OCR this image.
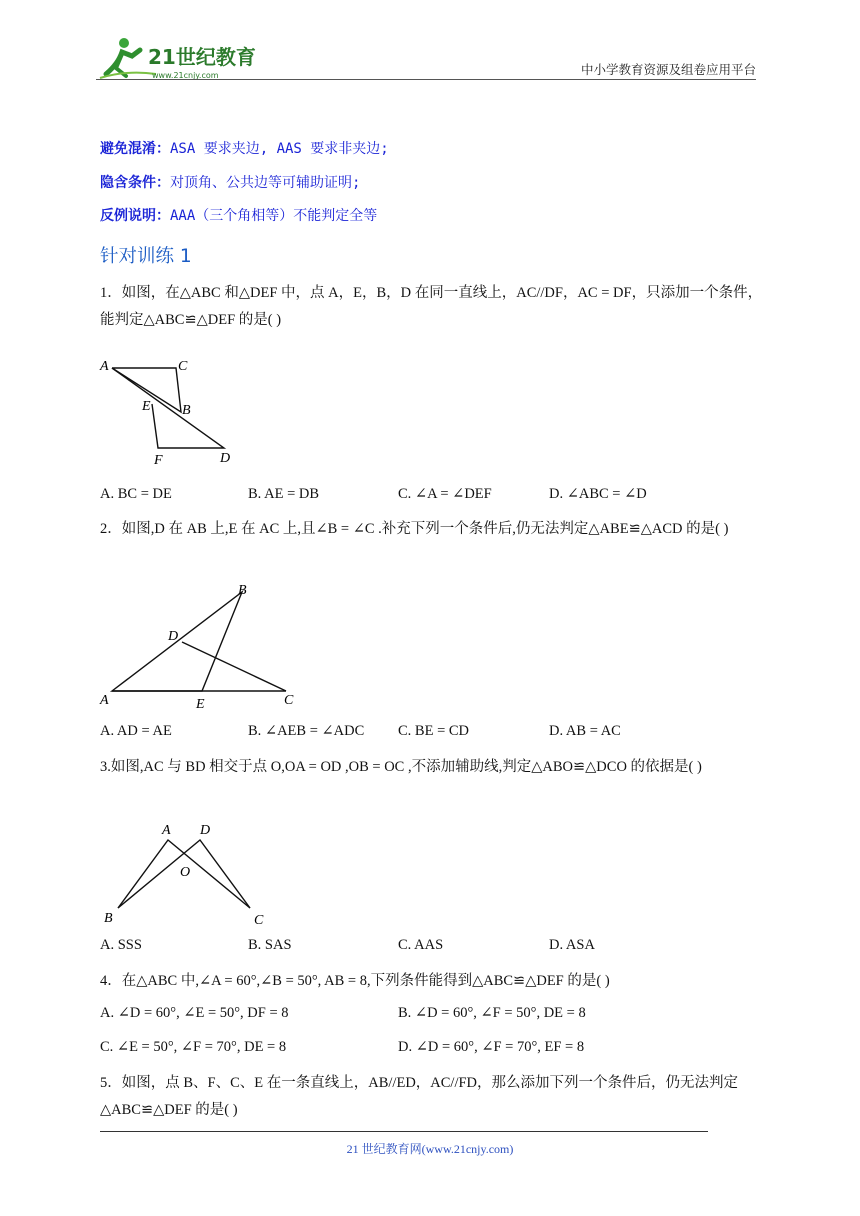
21世纪教育
www.21cnjy.com	中小学教育资源及组卷应用平台
避免混淆：ASA 要求夹边, AAS 要求非夹边;
隐含条件：对顶角、公共边等可辅助证明;
反例说明：AAA（三个角相等）不能判定全等
针对训练 1
1．如图，在△ABC 和△DEF 中，点 A，E，B，D 在同一直线上，AC//DF，AC = DF，只添加一个条件，能判定△ABC≌△DEF 的是( )
A	C
E B
F	D
A. BC = DE	B. AE = DB	C. ∠A = ∠DEF	D. ∠ABC = ∠D
2．如图,D 在 AB 上,E 在 AC 上,且∠B = ∠C .补充下列一个条件后,仍无法判定△ABE≌△ACD 的是( )
B
D
A	E	C
A. AD = AE	B. ∠AEB = ∠ADC C. BE = CD	D. AB = AC
3.如图,AC 与 BD 相交于点 O,OA = OD ,OB = OC ,不添加辅助线,判定△ABO≌△DCO 的依据是( )
A D
O
B	C
A. SSS	B. SAS	C. AAS	D. ASA
4．在△ABC 中,∠A = 60°,∠B = 50°, AB = 8,下列条件能得到△ABC≌△DEF 的是( )
A. ∠D = 60°, ∠E = 50°, DF = 8	B. ∠D = 60°, ∠F = 50°, DE = 8
C. ∠E = 50°, ∠F = 70°, DE = 8	D. ∠D = 60°, ∠F = 70°, EF = 8
5．如图，点 B、F、C、E 在一条直线上，AB//ED，AC//FD，那么添加下列一个条件后，仍无法判定△ABC≌△DEF 的是( )
21 世纪教育网(www.21cnjy.com)
